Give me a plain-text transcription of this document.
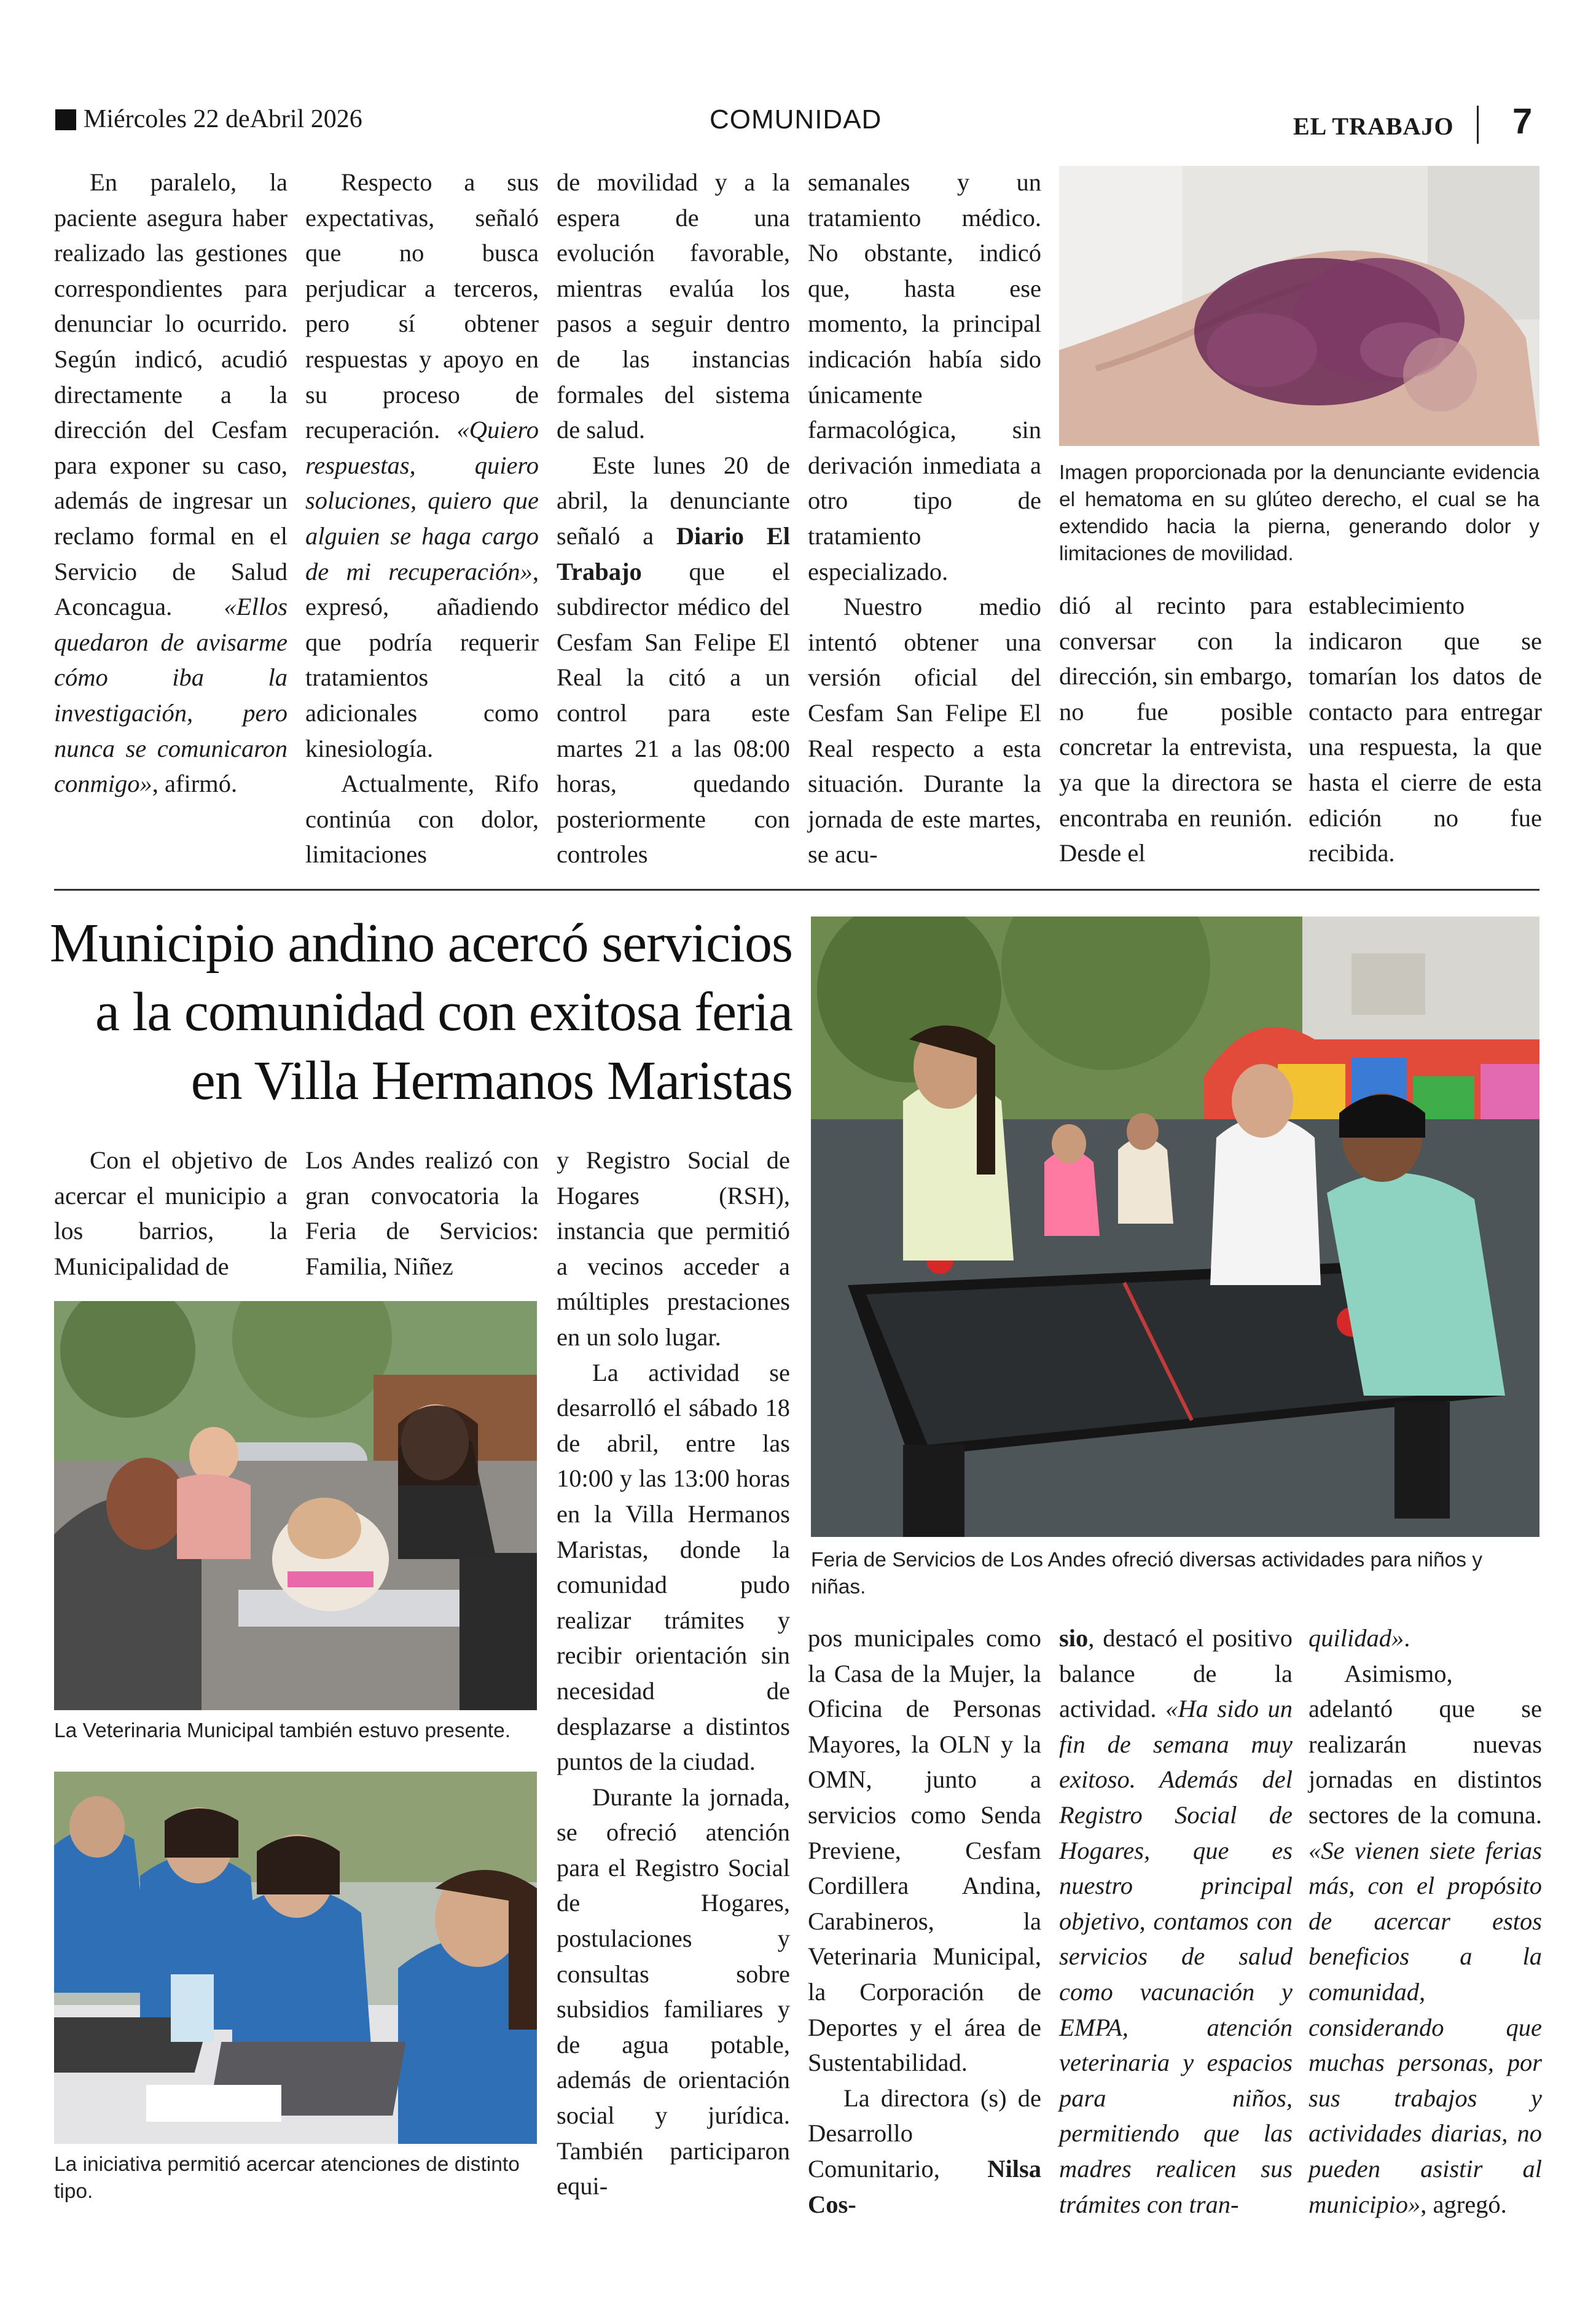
Miércoles 22 deAbril 2026	COMUNIDAD	EL TRABAJO 7

En paralelo, la paciente asegura haber realizado las gestiones correspondientes para denunciar lo ocurrido. Según indicó, acudió directamente a la dirección del Cesfam para exponer su caso, además de ingresar un reclamo formal en el Servicio de Salud Aconcagua. «Ellos quedaron de avisarme cómo iba la investigación, pero nunca se comunicaron conmigo», afirmó.

Respecto a sus expectativas, señaló que no busca perjudicar a terceros, pero sí obtener respuestas y apoyo en su proceso de recuperación. «Quiero respuestas, quiero soluciones, quiero que alguien se haga cargo de mi recuperación», expresó, añadiendo que podría requerir tratamientos adicionales como kinesiología.

Actualmente, Rifo continúa con dolor, limitaciones

de movilidad y a la espera de una evolución favorable, mientras evalúa los pasos a seguir dentro de las instancias formales del sistema de salud.

Este lunes 20 de abril, la denunciante señaló a Diario El Trabajo que el subdirector médico del Cesfam San Felipe El Real la citó a un control para este martes 21 a las 08:00 horas, quedando posteriormente con controles

semanales y un tratamiento médico. No obstante, indicó que, hasta ese momento, la principal indicación había sido únicamente farmacológica, sin derivación inmediata a otro tipo de tratamiento especializado.

Nuestro medio intentó obtener una versión oficial del Cesfam San Felipe El Real respecto a esta situación. Durante la jornada de este martes, se acu-

Imagen proporcionada por la denunciante evidencia el hematoma en su glúteo derecho, el cual se ha extendido hacia la pierna, generando dolor y limitaciones de movilidad.

dió al recinto para conversar con la dirección, sin embargo, no fue posible concretar la entrevista, ya que la directora se encontraba en reunión. Desde el

establecimiento indicaron que se tomarían los datos de contacto para entregar una respuesta, la que hasta el cierre de esta edición no fue recibida.

Municipio andino acercó servicios a la comunidad con exitosa feria en Villa Hermanos Maristas

Con el objetivo de acercar el municipio a los barrios, la Municipalidad de

Los Andes realizó con gran convocatoria la Feria de Servicios: Familia, Niñez

La Veterinaria Municipal también estuvo presente.
La iniciativa permitió acercar atenciones de distinto tipo.

y Registro Social de Hogares (RSH), instancia que permitió a vecinos acceder a múltiples prestaciones en un solo lugar.

La actividad se desarrolló el sábado 18 de abril, entre las 10:00 y las 13:00 horas en la Villa Hermanos Maristas, donde la comunidad pudo realizar trámites y recibir orientación sin necesidad de desplazarse a distintos puntos de la ciudad.

Durante la jornada, se ofreció atención para el Registro Social de Hogares, postulaciones y consultas sobre subsidios familiares y de agua potable, además de orientación social y jurídica. También participaron equi-

Feria de Servicios de Los Andes ofreció diversas actividades para niños y niñas.

pos municipales como la Casa de la Mujer, la Oficina de Personas Mayores, la OLN y la OMN, junto a servicios como Senda Previene, Cesfam Cordillera Andina, Carabineros, la Veterinaria Municipal, la Corporación de Deportes y el área de Sustentabilidad.

La directora (s) de Desarrollo Comunitario, Nilsa Cos-

sio, destacó el positivo balance de la actividad. «Ha sido un fin de semana muy exitoso. Además del Registro Social de Hogares, que es nuestro principal objetivo, contamos con servicios de salud como vacunación y EMPA, atención veterinaria y espacios para niños, permitiendo que las madres realicen sus trámites con tran-

quilidad».

Asimismo, adelantó que se realizarán nuevas jornadas en distintos sectores de la comuna. «Se vienen siete ferias más, con el propósito de acercar estos beneficios a la comunidad, considerando que muchas personas, por sus trabajos y actividades diarias, no pueden asistir al municipio», agregó.
